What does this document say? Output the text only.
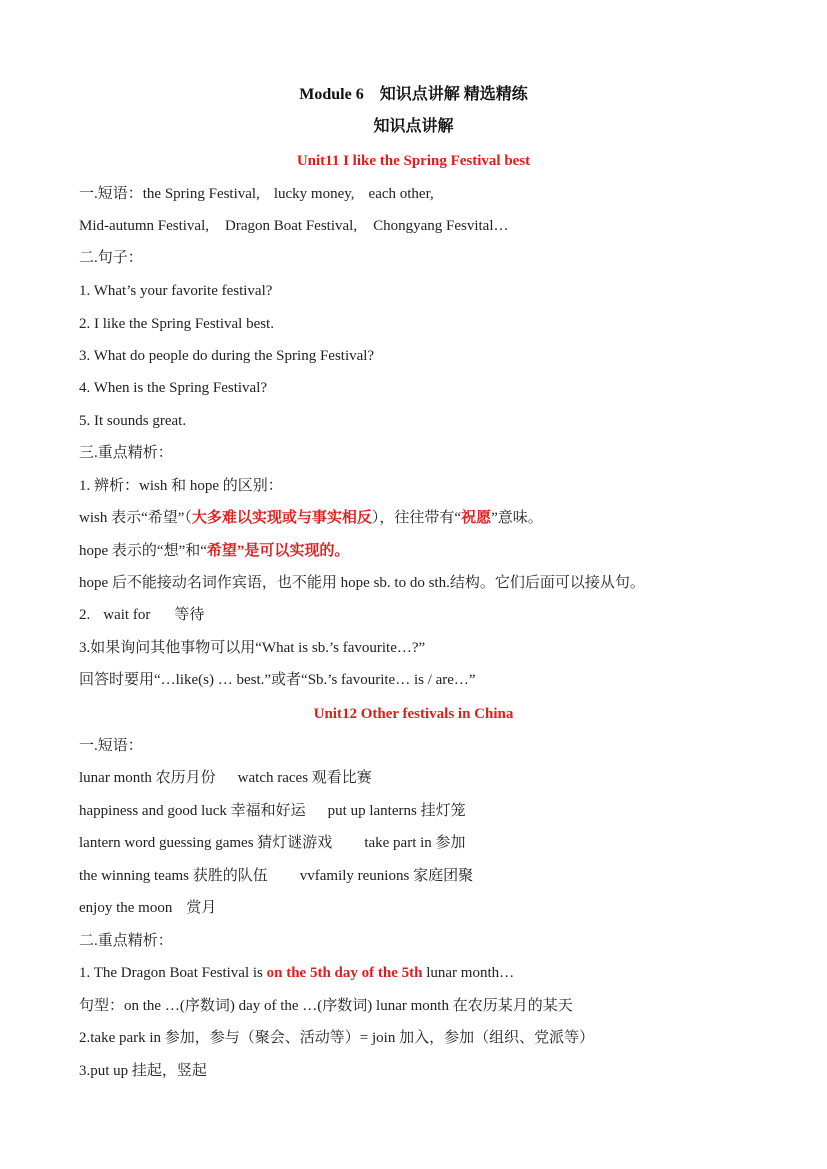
Module 6　知识点讲解 精选精练
知识点讲解
Unit11 I like the Spring Festival best
一.短语：the Spring Festival, lucky money, each other,
Mid-autumn Festival, Dragon Boat Festival, Chongyang Fesvital…
二.句子：
1. What’s your favorite festival?
2. I like the Spring Festival best.
3. What do people do during the Spring Festival?
4. When is the Spring Festival?
5. It sounds great.
三.重点精析：
1. 辨析：wish 和 hope 的区别：
wish 表示“希望”（大多难以实现或与事实相反），往往带有“祝愿”意味。
hope 表示的“想”和“希望”是可以实现的。
hope 后不能接动名词作宾语，也不能用 hope sb. to do sth.结构。它们后面可以接从句。
2. wait for 等待
3.如果询问其他事物可以用“What is sb.’s favourite…?”
回答时要用“…like(s) … best.”或者“Sb.’s favourite… is / are…”
Unit12 Other festivals in China
一.短语：
lunar month 农历月份 watch races 观看比赛
happiness and good luck 幸福和好运 put up lanterns 挂灯笼
lantern word guessing games 猜灯谜游戏 take part in 参加
the winning teams 获胜的队伍 vvfamily reunions 家庭团聚
enjoy the moon 赏月
二.重点精析：
1. The Dragon Boat Festival is on the 5th day of the 5th lunar month…
句型：on the …(序数词) day of the …(序数词) lunar month 在农历某月的某天
2.take park in 参加，参与（聚会、活动等）= join 加入，参加（组织、党派等）
3.put up 挂起，竖起
